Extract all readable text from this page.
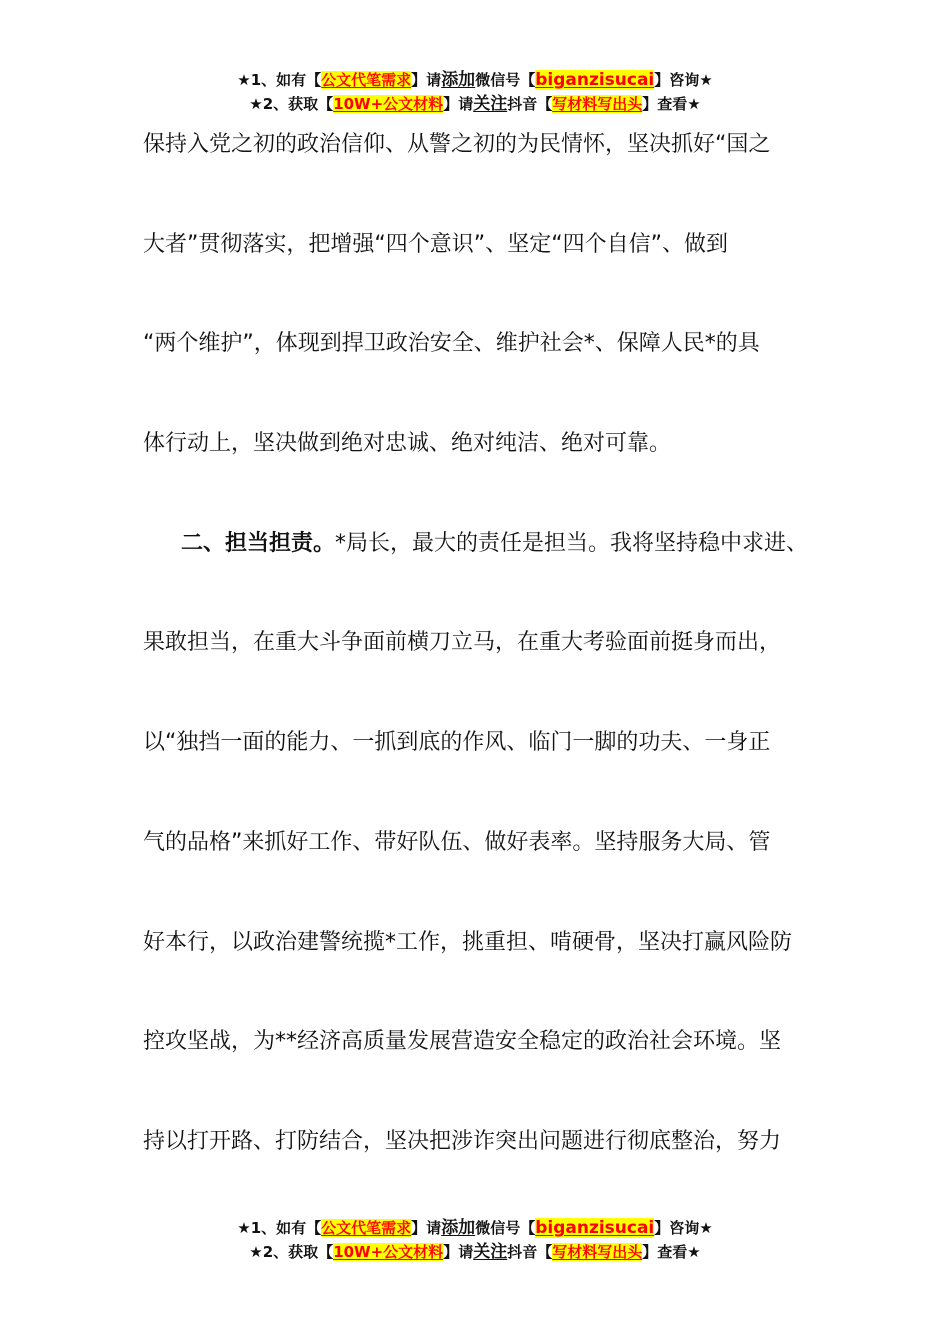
★1、如有【公文代笔需求】请添加微信号【biganzisucai】咨询★
★2、获取【10W+公文材料】请关注抖音【写材料写出头】查看★
保持入党之初的政治信仰、从警之初的为民情怀，坚决抓好“国之
大者”贯彻落实，把增强“四个意识”、坚定“四个自信”、做到
“两个维护”，体现到捍卫政治安全、维护社会*、保障人民*的具
体行动上，坚决做到绝对忠诚、绝对纯洁、绝对可靠。
二、担当担责。*局长，最大的责任是担当。我将坚持稳中求进、
果敢担当，在重大斗争面前横刀立马，在重大考验面前挺身而出，
以“独挡一面的能力、一抓到底的作风、临门一脚的功夫、一身正
气的品格”来抓好工作、带好队伍、做好表率。坚持服务大局、管
好本行，以政治建警统揽*工作，挑重担、啃硬骨，坚决打赢风险防
控攻坚战，为**经济高质量发展营造安全稳定的政治社会环境。坚
持以打开路、打防结合，坚决把涉诈突出问题进行彻底整治，努力
★1、如有【公文代笔需求】请添加微信号【biganzisucai】咨询★
★2、获取【10W+公文材料】请关注抖音【写材料写出头】查看★
